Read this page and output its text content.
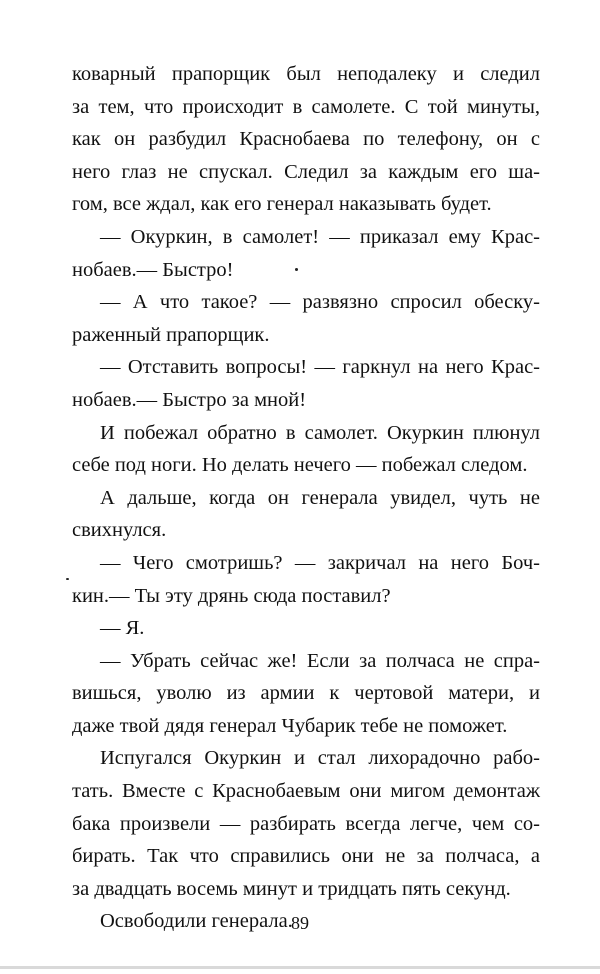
коварный прапорщик был неподалеку и следил
за тем, что происходит в самолете. С той минуты,
как он разбудил Краснобаева по телефону, он с
него глаз не спускал. Следил за каждым его ша-
гом, все ждал, как его генерал наказывать будет.
— Окуркин, в самолет! — приказал ему Крас-
нобаев.— Быстро!
— А что такое? — развязно спросил обеску-
раженный прапорщик.
— Отставить вопросы! — гаркнул на него Крас-
нобаев.— Быстро за мной!
И побежал обратно в самолет. Окуркин плюнул
себе под ноги. Но делать нечего — побежал следом.
А дальше, когда он генерала увидел, чуть не
свихнулся.
— Чего смотришь? — закричал на него Боч-
кин.— Ты эту дрянь сюда поставил?
— Я.
— Убрать сейчас же! Если за полчаса не спра-
вишься, уволю из армии к чертовой матери, и
даже твой дядя генерал Чубарик тебе не поможет.
Испугался Окуркин и стал лихорадочно рабо-
тать. Вместе с Краснобаевым они мигом демонтаж
бака произвели — разбирать всегда легче, чем со-
бирать. Так что справились они не за полчаса, а
за двадцать восемь минут и тридцать пять секунд.
Освободили генерала.
89
